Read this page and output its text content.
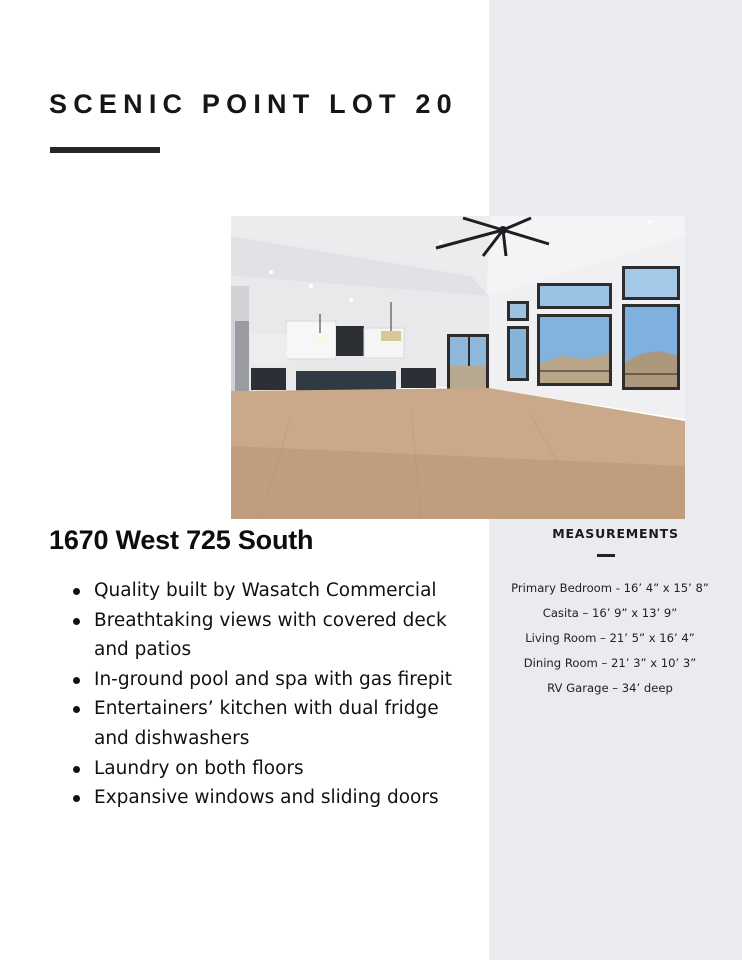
SCENIC POINT LOT 20
1670 West 725 South
Quality built by Wasatch Commercial
Breathtaking views with covered deck and patios
In-ground pool and spa with gas firepit
Entertainers’ kitchen with dual fridge and dishwashers
Laundry on both floors
Expansive windows and sliding doors
MEASUREMENTS
Primary Bedroom - 16’ 4” x 15’ 8”
Casita – 16’ 9” x 13’ 9”
Living Room – 21’ 5” x 16’ 4”
Dining Room – 21’ 3” x 10’ 3”
RV Garage – 34’ deep
